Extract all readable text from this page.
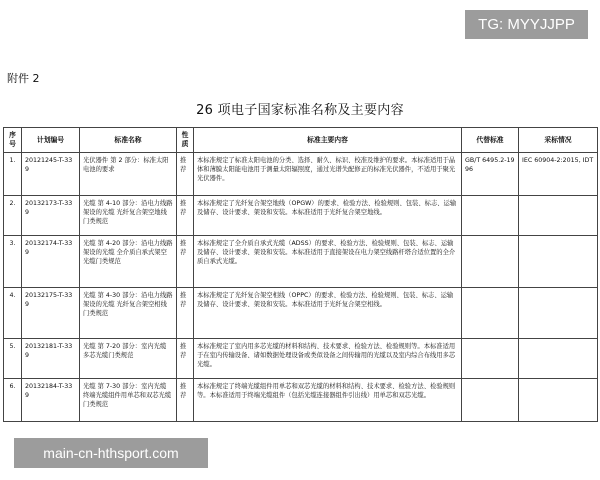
TG: MYYJJPP
附件 2
26 项电子国家标准名称及主要内容
序号	计划编号	标准名称	性质	标准主要内容	代替标准	采标情况
1.	20121245-T-339	光伏器件 第 2 部分：标准太阳电池的要求	推荐	本标准规定了标准太阳电池的分类、选择、耐久、标识、校准及维护的要求。本标准适用于晶体和薄膜太阳能电池用于测量太阳辐照度，通过光谱失配修正的标准光伏器件，不适用于聚光光伏器件。	GB/T 6495.2-1996	IEC 60904-2:2015, IDT
2.	20132173-T-339	光缆 第 4-10 部分：沿电力线路架设的光缆 光纤复合架空地线门类规范	推荐	本标准规定了光纤复合架空地线（OPGW）的要求、检验方法、检验规则、包装、标志、运输及储存、设计要求、架设和安装。本标准适用于光纤复合架空地线。		
3.	20132174-T-339	光缆 第 4-20 部分：沿电力线路架设的光缆 全介质自承式架空光缆门类规范	推荐	本标准规定了全介质自承式光缆（ADSS）的要求、检验方法、检验规则、包装、标志、运输及储存、设计要求、架设和安装。本标准适用于直接架设在电力架空线路杆塔合适位置的全介质自承式光缆。		
4.	20132175-T-339	光缆 第 4-30 部分：沿电力线路架设的光缆 光纤复合架空相线门类规范	推荐	本标准规定了光纤复合架空相线（OPPC）的要求、检验方法、检验规则、包装、标志、运输及储存、设计要求、架设和安装。本标准适用于光纤复合架空相线。		
5.	20132181-T-339	光缆 第 7-20 部分：室内光缆 多芯光缆门类规范	推荐	本标准规定了室内用多芯光缆的材料和结构、技术要求、检验方法、检验规则等。本标准适用于在室内传输设备、诸如数据处理设备或类似设备之间传输用的光缆以及室内综合布线用多芯光缆。		
6.	20132184-T-339	光缆 第 7-30 部分：室内光缆 终端光缆组件用单芯和双芯光缆门类规范	推荐	本标准规定了终端光缆组件用单芯和双芯光缆的材料和结构、技术要求、检验方法、检验规则等。本标准适用于终端光缆组件（包括光缆连接器组件引出线）用单芯和双芯光缆。		
main-cn-hthsport.com
